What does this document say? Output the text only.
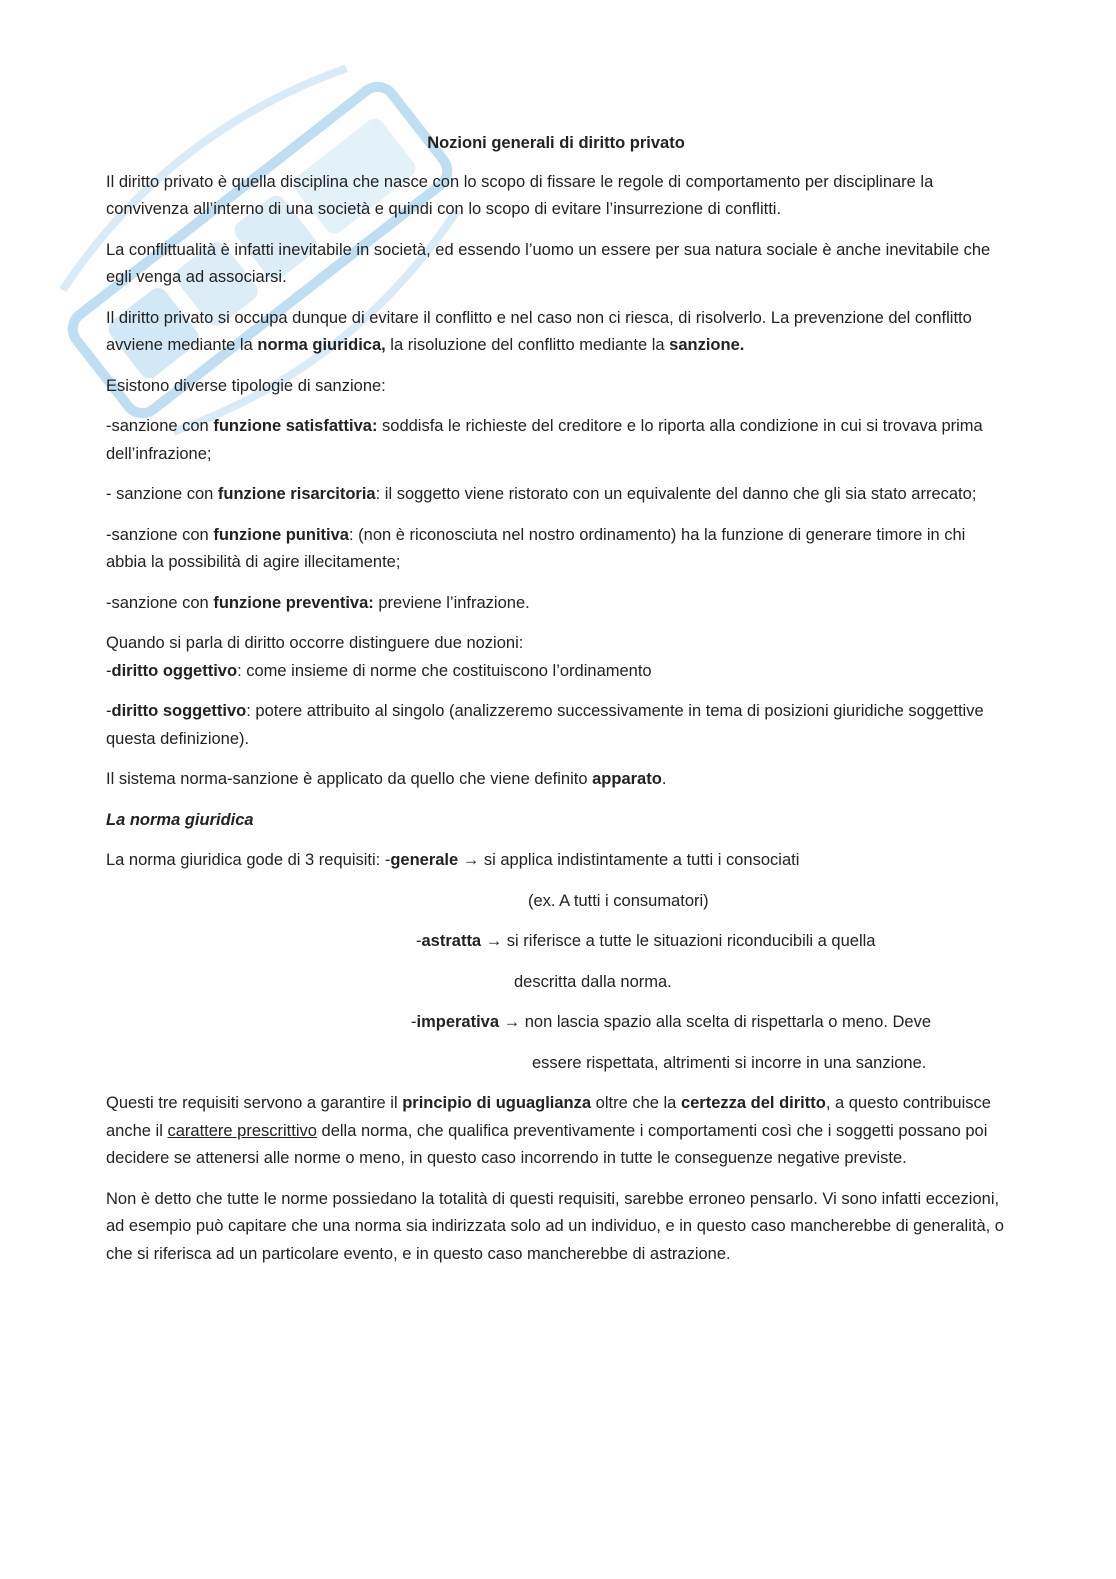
Nozioni generali di diritto privato

Il diritto privato è quella disciplina che nasce con lo scopo di fissare le regole di comportamento per disciplinare la convivenza all’interno di una società e quindi con lo scopo di evitare l’insurrezione di conflitti.

La conflittualità è infatti inevitabile in società, ed essendo l’uomo un essere per sua natura sociale è anche inevitabile che egli venga ad associarsi.

Il diritto privato si occupa dunque di evitare il conflitto e nel caso non ci riesca, di risolverlo. La prevenzione del conflitto avviene mediante la norma giuridica, la risoluzione del conflitto mediante la sanzione.

Esistono diverse tipologie di sanzione:

-sanzione con funzione satisfattiva: soddisfa le richieste del creditore e lo riporta alla condizione in cui si trovava prima dell’infrazione;

- sanzione con funzione risarcitoria: il soggetto viene ristorato con un equivalente del danno che gli sia stato arrecato;

-sanzione con funzione punitiva: (non è riconosciuta nel nostro ordinamento) ha la funzione di generare timore in chi abbia la possibilità di agire illecitamente;

-sanzione con funzione preventiva: previene l’infrazione.

Quando si parla di diritto occorre distinguere due nozioni:
-diritto oggettivo: come insieme di norme che costituiscono l’ordinamento

-diritto soggettivo: potere attribuito al singolo (analizzeremo successivamente in tema di posizioni giuridiche soggettive questa definizione).

Il sistema norma-sanzione è applicato da quello che viene definito apparato.

La norma giuridica

La norma giuridica gode di 3 requisiti: -generale → si applica indistintamente a tutti i consociati

(ex. A tutti i consumatori)

-astratta → si riferisce a tutte le situazioni riconducibili a quella

descritta dalla norma.

-imperativa → non lascia spazio alla scelta di rispettarla o meno. Deve

essere rispettata, altrimenti si incorre in una sanzione.

Questi tre requisiti servono a garantire il principio di uguaglianza oltre che la certezza del diritto, a questo contribuisce anche il carattere prescrittivo della norma, che qualifica preventivamente i comportamenti così che i soggetti possano poi decidere se attenersi alle norme o meno, in questo caso incorrendo in tutte le conseguenze negative previste.

Non è detto che tutte le norme possiedano la totalità di questi requisiti, sarebbe erroneo pensarlo. Vi sono infatti eccezioni, ad esempio può capitare che una norma sia indirizzata solo ad un individuo, e in questo caso mancherebbe di generalità, o che si riferisca ad un particolare evento, e in questo caso mancherebbe di astrazione.
